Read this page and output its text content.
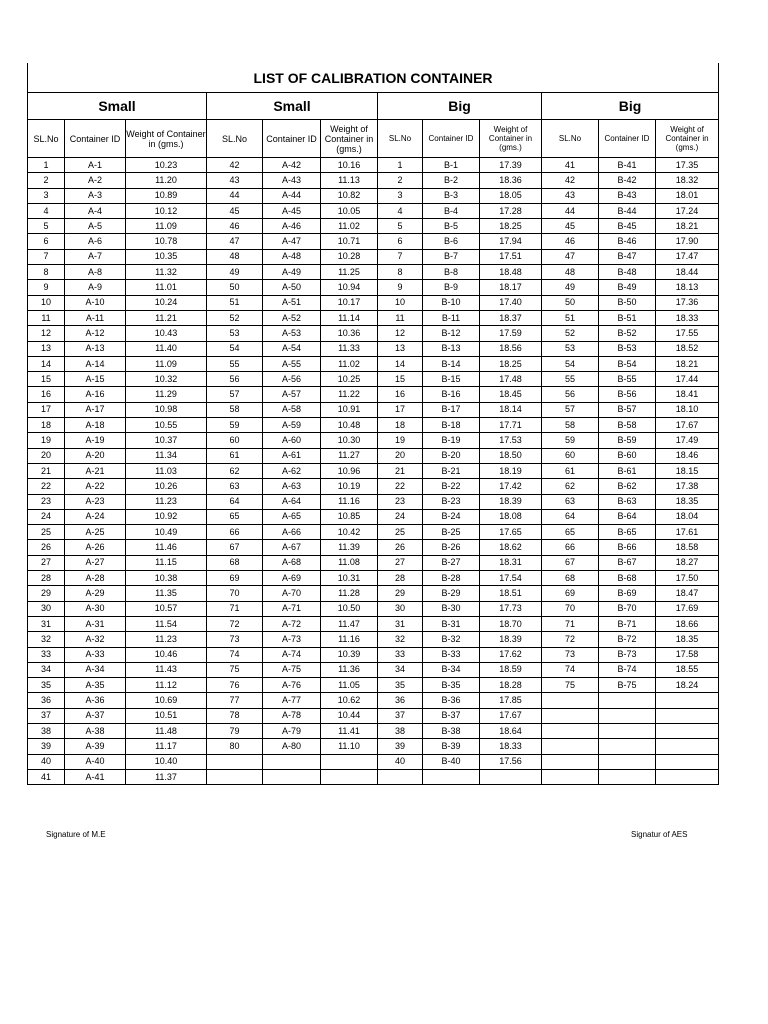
LIST OF CALIBRATION CONTAINER											
Small			Small			Big			Big		
SL.No	Container ID	Weight of Container in (gms.)	SL.No	Container ID	Weight of Container in (gms.)	SL.No	Container ID	Weight of Container in (gms.)	SL.No	Container ID	Weight of Container in (gms.)
1	A-1	10.23	42	A-42	10.16	1	B-1	17.39	41	B-41	17.35
2	A-2	11.20	43	A-43	11.13	2	B-2	18.36	42	B-42	18.32
3	A-3	10.89	44	A-44	10.82	3	B-3	18.05	43	B-43	18.01
4	A-4	10.12	45	A-45	10.05	4	B-4	17.28	44	B-44	17.24
5	A-5	11.09	46	A-46	11.02	5	B-5	18.25	45	B-45	18.21
6	A-6	10.78	47	A-47	10.71	6	B-6	17.94	46	B-46	17.90
7	A-7	10.35	48	A-48	10.28	7	B-7	17.51	47	B-47	17.47
8	A-8	11.32	49	A-49	11.25	8	B-8	18.48	48	B-48	18.44
9	A-9	11.01	50	A-50	10.94	9	B-9	18.17	49	B-49	18.13
10	A-10	10.24	51	A-51	10.17	10	B-10	17.40	50	B-50	17.36
11	A-11	11.21	52	A-52	11.14	11	B-11	18.37	51	B-51	18.33
12	A-12	10.43	53	A-53	10.36	12	B-12	17.59	52	B-52	17.55
13	A-13	11.40	54	A-54	11.33	13	B-13	18.56	53	B-53	18.52
14	A-14	11.09	55	A-55	11.02	14	B-14	18.25	54	B-54	18.21
15	A-15	10.32	56	A-56	10.25	15	B-15	17.48	55	B-55	17.44
16	A-16	11.29	57	A-57	11.22	16	B-16	18.45	56	B-56	18.41
17	A-17	10.98	58	A-58	10.91	17	B-17	18.14	57	B-57	18.10
18	A-18	10.55	59	A-59	10.48	18	B-18	17.71	58	B-58	17.67
19	A-19	10.37	60	A-60	10.30	19	B-19	17.53	59	B-59	17.49
20	A-20	11.34	61	A-61	11.27	20	B-20	18.50	60	B-60	18.46
21	A-21	11.03	62	A-62	10.96	21	B-21	18.19	61	B-61	18.15
22	A-22	10.26	63	A-63	10.19	22	B-22	17.42	62	B-62	17.38
23	A-23	11.23	64	A-64	11.16	23	B-23	18.39	63	B-63	18.35
24	A-24	10.92	65	A-65	10.85	24	B-24	18.08	64	B-64	18.04
25	A-25	10.49	66	A-66	10.42	25	B-25	17.65	65	B-65	17.61
26	A-26	11.46	67	A-67	11.39	26	B-26	18.62	66	B-66	18.58
27	A-27	11.15	68	A-68	11.08	27	B-27	18.31	67	B-67	18.27
28	A-28	10.38	69	A-69	10.31	28	B-28	17.54	68	B-68	17.50
29	A-29	11.35	70	A-70	11.28	29	B-29	18.51	69	B-69	18.47
30	A-30	10.57	71	A-71	10.50	30	B-30	17.73	70	B-70	17.69
31	A-31	11.54	72	A-72	11.47	31	B-31	18.70	71	B-71	18.66
32	A-32	11.23	73	A-73	11.16	32	B-32	18.39	72	B-72	18.35
33	A-33	10.46	74	A-74	10.39	33	B-33	17.62	73	B-73	17.58
34	A-34	11.43	75	A-75	11.36	34	B-34	18.59	74	B-74	18.55
35	A-35	11.12	76	A-76	11.05	35	B-35	18.28	75	B-75	18.24
36	A-36	10.69	77	A-77	10.62	36	B-36	17.85			
37	A-37	10.51	78	A-78	10.44	37	B-37	17.67			
38	A-38	11.48	79	A-79	11.41	38	B-38	18.64			
39	A-39	11.17	80	A-80	11.10	39	B-39	18.33			
40	A-40	10.40				40	B-40	17.56			
41	A-41	11.37									
Signature of M.E	Signatur of AES
